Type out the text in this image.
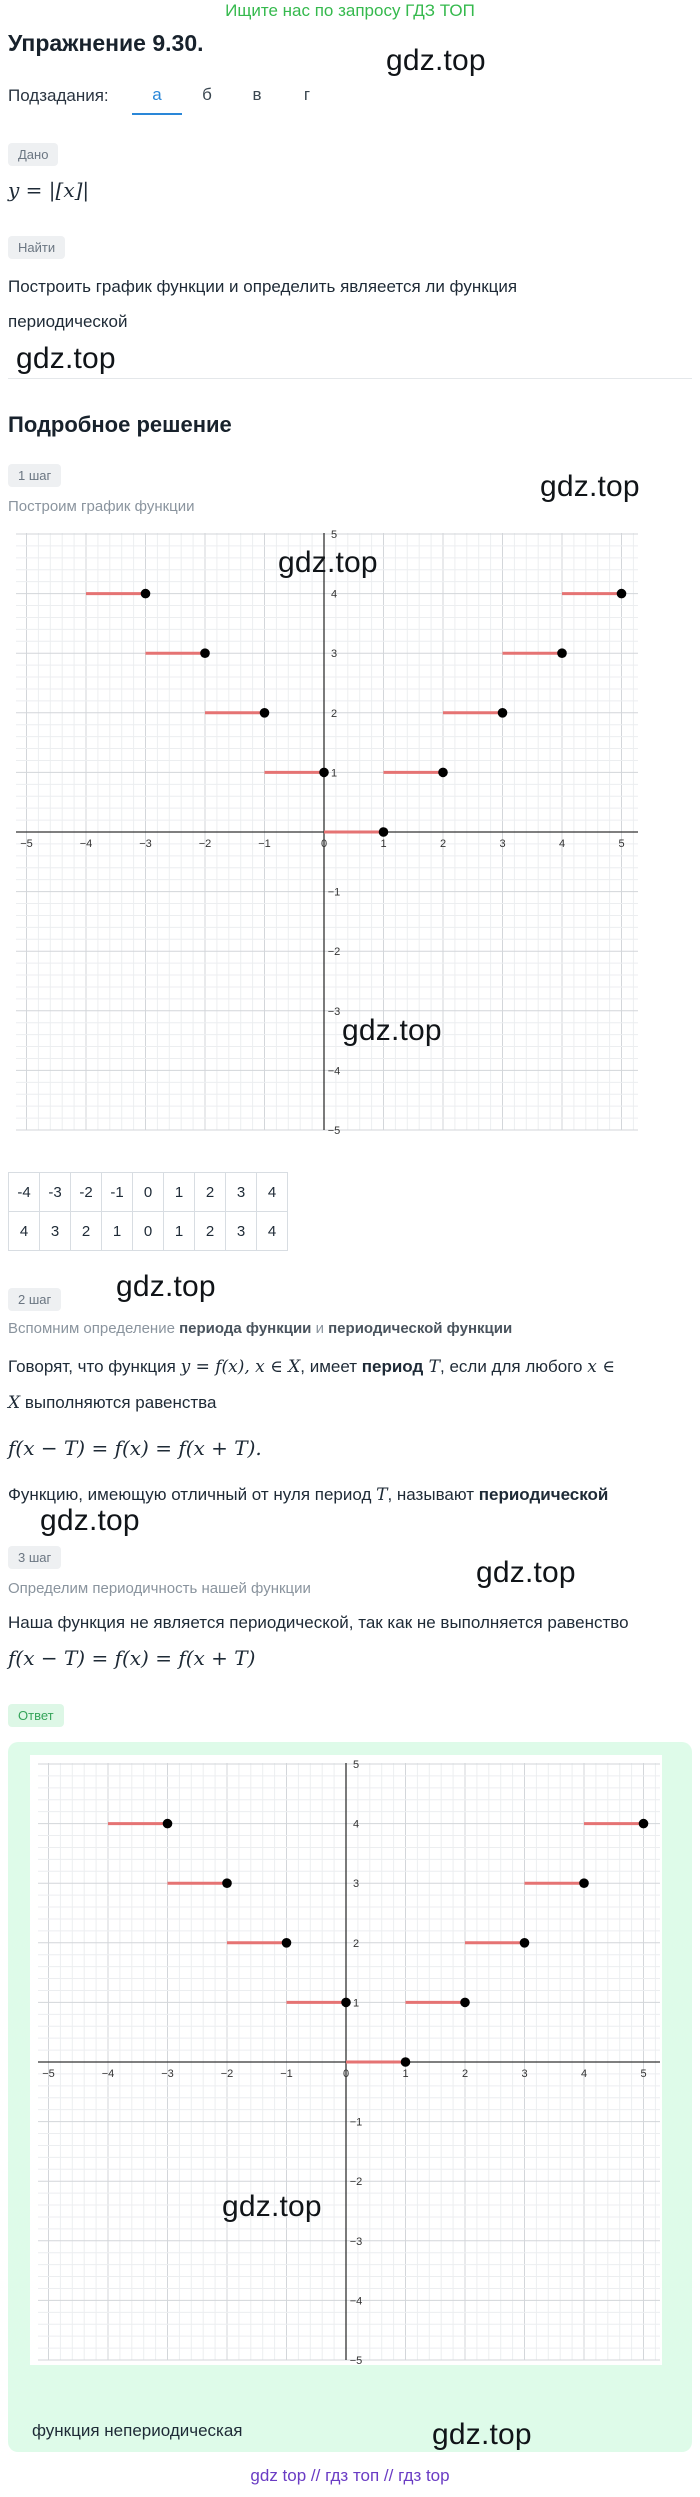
Ищите нас по запросу ГДЗ ТОП
Упражнение 9.30.
gdz.top
Подзадания:	а	б	в	г
Дано
y = |[x]|
Найти
Построить график функции и определить являеется ли функция
периодической
gdz.top
Подробное решение
1 шаг	gdz.top
Построим график функции
−5	−4	−3	−2	−1	0	1	2	3	4	5
−5
−4
−3
−2
−1
1
2
3
4
5
gdz.top
gdz.top
-4	-3	-2	-1	0	1	2	3	4
4	3	2	1	0	1	2	3	4
2 шаг	gdz.top
Вспомним определение периода функции и периодической функции
Говорят, что функция y = f(x), x ∈ X, имеет период T, если для любого x ∈
X выполняются равенства
f(x − T) = f(x) = f(x + T).
Функцию, имеющую отличный от нуля период T, называют периодической
gdz.top
3 шаг	gdz.top
Определим периодичность нашей функции
Наша функция не является периодической, так как не выполняется равенство
f(x − T) = f(x) = f(x + T)
Ответ
−5	−4	−3	−2	−1	0	1	2	3	4	5
−5
−4
−3
−2
−1
1
2
3
4
5
gdz.top
функция непериодическая	gdz.top
gdz top // гдз топ // гдз top
